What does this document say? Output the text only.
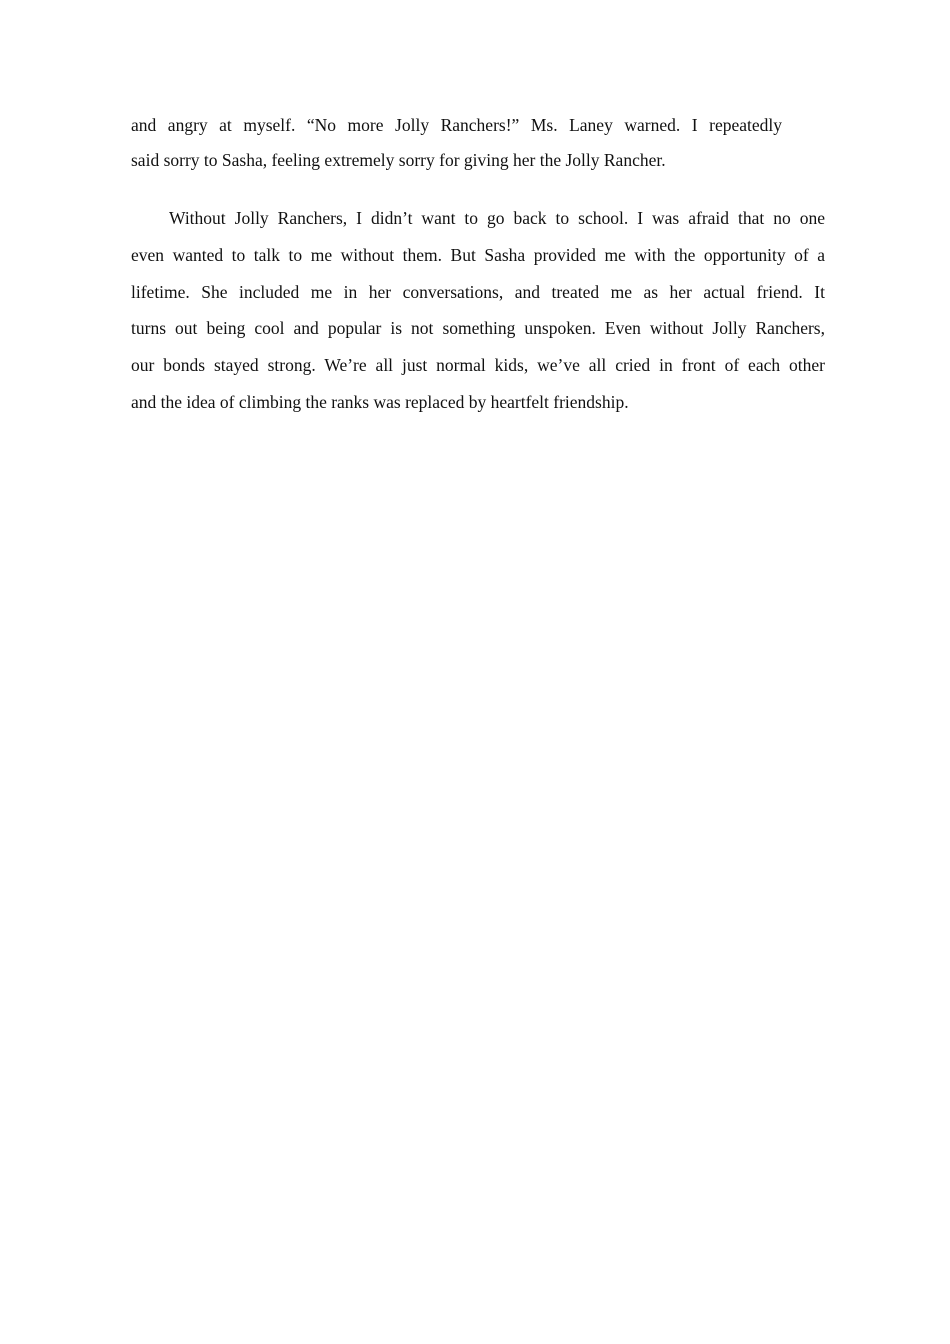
and angry at myself. “No more Jolly Ranchers!” Ms. Laney warned. I repeatedly
said sorry to Sasha, feeling extremely sorry for giving her the Jolly Rancher.
Without Jolly Ranchers, I didn’t want to go back to school. I was afraid that no one
even wanted to talk to me without them. But Sasha provided me with the opportunity of a
lifetime. She included me in her conversations, and treated me as her actual friend. It
turns out being cool and popular is not something unspoken. Even without Jolly Ranchers,
our bonds stayed strong. We’re all just normal kids, we’ve all cried in front of each other
and the idea of climbing the ranks was replaced by heartfelt friendship.
